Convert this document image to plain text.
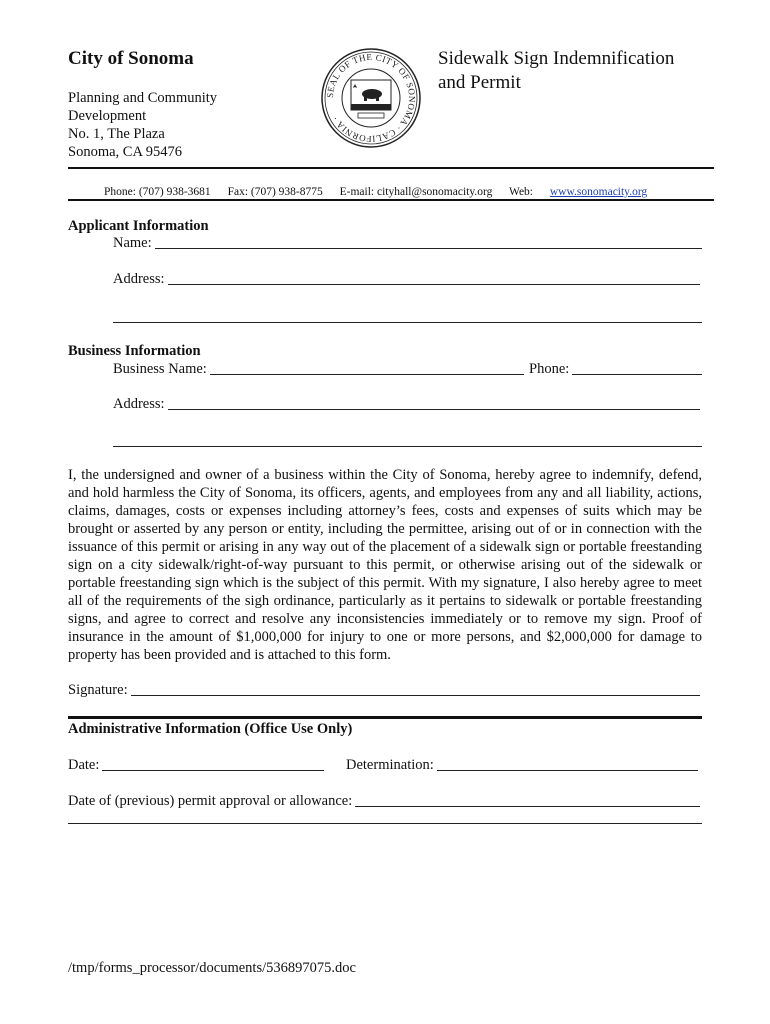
City of Sonoma
Planning and Community
Development
No. 1, The Plaza
Sonoma, CA 95476
SEAL OF THE CITY OF SONOMA · CALIFORNIA ·
Sidewalk Sign Indemnification
and Permit
Phone: (707) 938-3681 Fax: (707) 938-8775 E-mail: cityhall@sonomacity.org Web: www.sonomacity.org
Applicant Information
Name:
Address:
Business Information
Business Name:	Phone:
Address:
I, the undersigned and owner of a business within the City of Sonoma, hereby agree to indemnify, defend, and hold harmless the City of Sonoma, its officers, agents, and employees from any and all liability, actions, claims, damages, costs or expenses including attorney’s fees, costs and expenses of suits which may be brought or asserted by any person or entity, including the permittee, arising out of or in connection with the issuance of this permit or arising in any way out of the placement of a sidewalk sign or portable freestanding sign on a city sidewalk/right-of-way pursuant to this permit, or otherwise arising out of the sidewalk or portable freestanding sign which is the subject of this permit. With my signature, I also hereby agree to meet all of the requirements of the sigh ordinance, particularly as it pertains to sidewalk or portable freestanding signs, and agree to correct and resolve any inconsistencies immediately or to remove my sign. Proof of insurance in the amount of $1,000,000 for injury to one or more persons, and $2,000,000 for damage to property has been provided and is attached to this form.
Signature:
Administrative Information (Office Use Only)
Date:	Determination:
Date of (previous) permit approval or allowance:
/tmp/forms_processor/documents/536897075.doc
